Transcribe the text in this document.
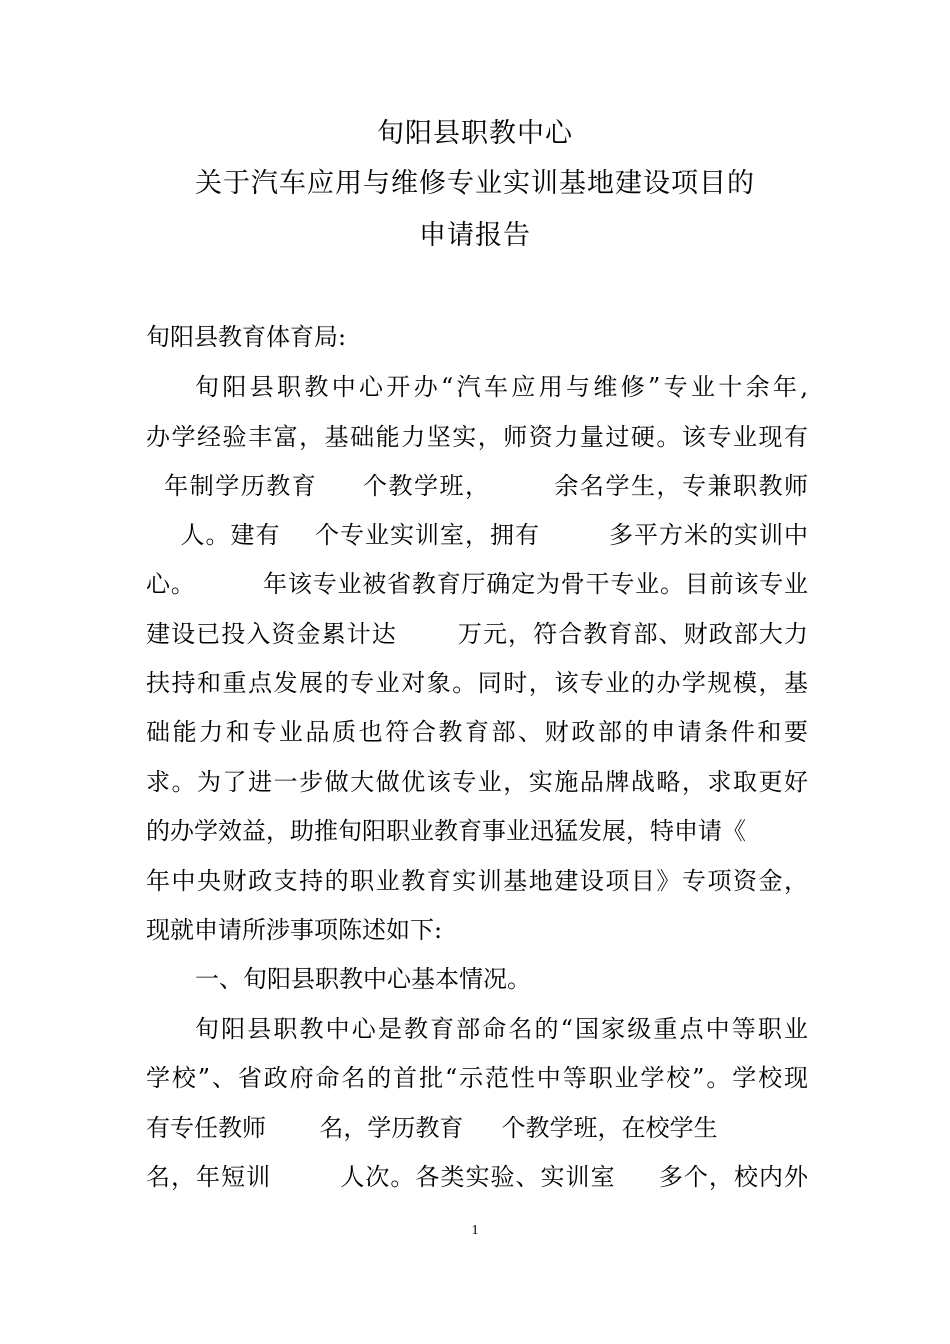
旬阳县职教中心
关于汽车应用与维修专业实训基地建设项目的
申请报告
旬阳县教育体育局:
旬阳县职教中心开办“汽车应用与维修”专业十余年,
办学经验丰富，基础能力坚实，师资力量过硬。该专业现有
年制学历教育     个教学班，       余名学生，专兼职教师
人。建有    个专业实训室，拥有        多平方米的实训中
心。        年该专业被省教育厅确定为骨干专业。目前该专业
建设已投入资金累计达       万元，符合教育部、财政部大力
扶持和重点发展的专业对象。同时，该专业的办学规模，基
础能力和专业品质也符合教育部、财政部的申请条件和要
求。为了进一步做大做优该专业，实施品牌战略，求取更好
的办学效益，助推旬阳职业教育事业迅猛发展，特申请《
年中央财政支持的职业教育实训基地建设项目》专项资金，
现就申请所涉事项陈述如下:
一、旬阳县职教中心基本情况。
旬阳县职教中心是教育部命名的“国家级重点中等职业
学校”、省政府命名的首批“示范性中等职业学校”。学校现
有专任教师       名，学历教育     个教学班，在校学生
名，年短训        人次。各类实验、实训室     多个，校内外
1
